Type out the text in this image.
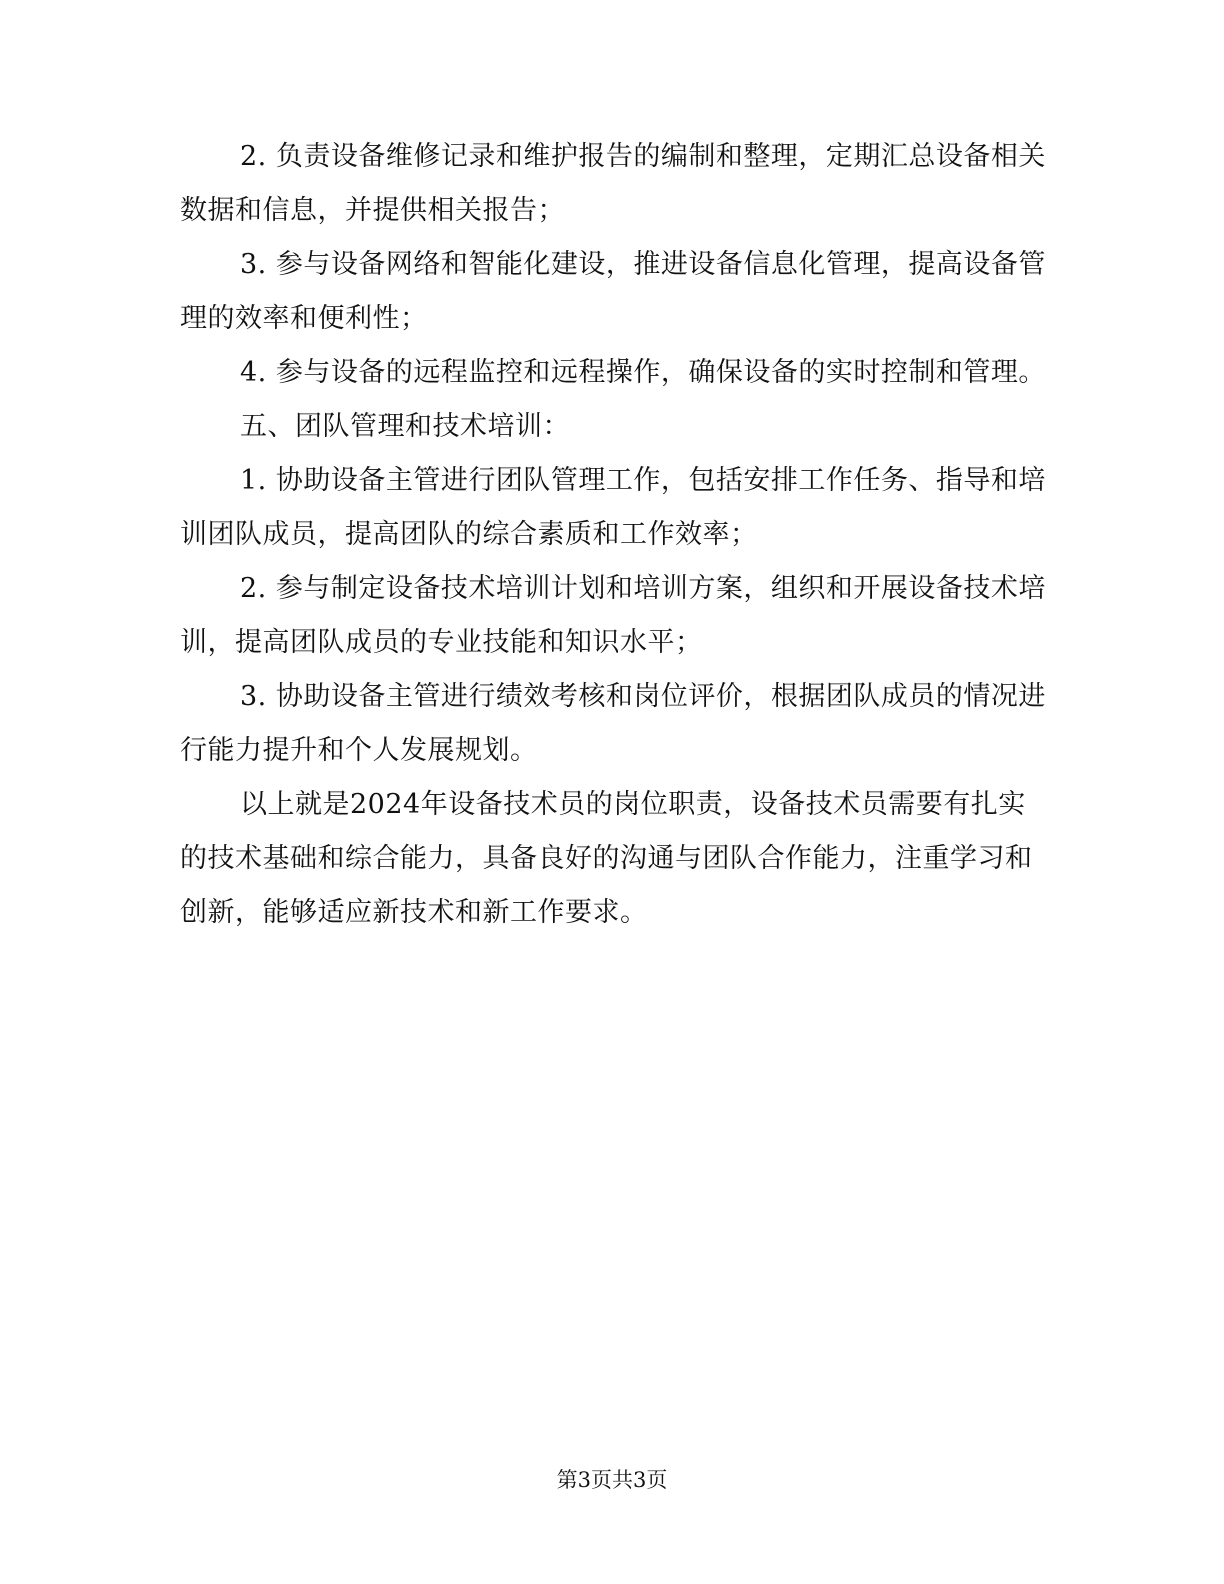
2. 负责设备维修记录和维护报告的编制和整理，定期汇总设备相关数据和信息，并提供相关报告；

3. 参与设备网络和智能化建设，推进设备信息化管理，提高设备管理的效率和便利性；

4. 参与设备的远程监控和远程操作，确保设备的实时控制和管理。

五、团队管理和技术培训：

1. 协助设备主管进行团队管理工作，包括安排工作任务、指导和培训团队成员，提高团队的综合素质和工作效率；

2. 参与制定设备技术培训计划和培训方案，组织和开展设备技术培训，提高团队成员的专业技能和知识水平；

3. 协助设备主管进行绩效考核和岗位评价，根据团队成员的情况进行能力提升和个人发展规划。

以上就是2024年设备技术员的岗位职责，设备技术员需要有扎实的技术基础和综合能力，具备良好的沟通与团队合作能力，注重学习和创新，能够适应新技术和新工作要求。

第3页共3页
